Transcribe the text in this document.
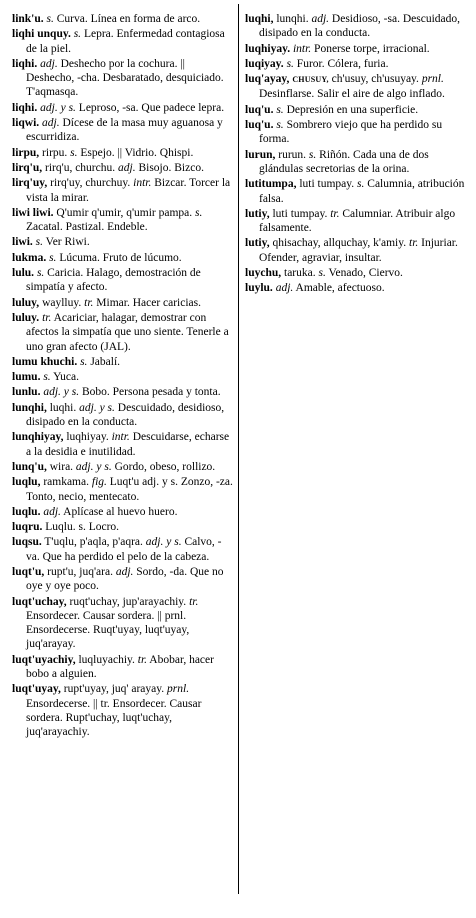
link'u. s. Curva. Línea en forma de arco.

liqhi unquy. s. Lepra. Enfermedad contagiosa de la piel.

liqhi. adj. Deshecho por la cochura. || Deshecho, -cha. Desbaratado, desquiciado. T'aqmasqa.

liqhi. adj. y s. Leproso, -sa. Que padece lepra.

liqwi. adj. Dícese de la masa muy aguanosa y escurridiza.

lirpu, rirpu. s. Espejo. || Vidrio. Qhispi.

lirq'u, rirq'u, churchu. adj. Bisojo. Bizco.

lirq'uy, rirq'uy, churchuy. intr. Bizcar. Torcer la vista la mirar.

liwi liwi. Q'umir q'umir, q'umir pampa. s. Zacatal. Pastizal. Endeble.

liwi. s. Ver Riwi.

lukma. s. Lúcuma. Fruto de lúcumo.

lulu. s. Caricia. Halago, demostración de simpatía y afecto.

luluy, waylluy. tr. Mimar. Hacer caricias.

luluy. tr. Acariciar, halagar, demostrar con afectos la simpatía que uno siente. Tenerle a uno gran afecto (JAL).

lumu khuchi. s. Jabalí.

lumu. s. Yuca.

lunlu. adj. y s. Bobo. Persona pesada y tonta.

lunqhi, luqhi. adj. y s. Descuidado, desidioso, disipado en la conducta.

lunqhiyay, luqhiyay. intr. Descuidarse, echarse a la desidia e inutilidad.

lunq'u, wira. adj. y s. Gordo, obeso, rollizo.

luqlu, ramkama. fig. Luqt'u adj. y s. Zonzo, -za. Tonto, necio, mentecato.

luqlu. adj. Aplícase al huevo huero.

luqru. Luqlu. s. Locro.

luqsu. T'uqlu, p'aqla, p'aqra. adj. y s. Calvo, -va. Que ha perdido el pelo de la cabeza.

luqt'u, rupt'u, juq'ara. adj. Sordo, -da. Que no oye y oye poco.

luqt'uchay, ruqt'uchay, jup'arayachiy. tr. Ensordecer. Causar sordera. || prnl. Ensordecerse. Ruqt'uyay, luqt'uyay, juq'arayay.

luqt'uyachiy, luqluyachiy. tr. Abobar, hacer bobo a alguien.

luqt'uyay, rupt'uyay, juq' arayay. prnl. Ensordecerse. || tr. Ensordecer. Causar sordera. Rupt'uchay, luqt'uchay, juq'arayachiy.

luqhi, lunqhi. adj. Desidioso, -sa. Descuidado, disipado en la conducta.

luqhiyay. intr. Ponerse torpe, irracional.

luqiyay. s. Furor. Cólera, furia.

luq'ayay, CHUSUY, ch'usuy, ch'usuyay. prnl. Desinflarse. Salir el aire de algo inflado.

luq'u. s. Depresión en una superficie.

luq'u. s. Sombrero viejo que ha perdido su forma.

lurun, rurun. s. Riñón. Cada una de dos glándulas secretorias de la orina.

lutitumpa, luti tumpay. s. Calumnia, atribución falsa.

lutiy, luti tumpay. tr. Calumniar. Atribuir algo falsamente.

lutiy, qhisachay, allquchay, k'amiy. tr. Injuriar. Ofender, agraviar, insultar.

luychu, taruka. s. Venado, Ciervo.

luylu. adj. Amable, afectuoso.
